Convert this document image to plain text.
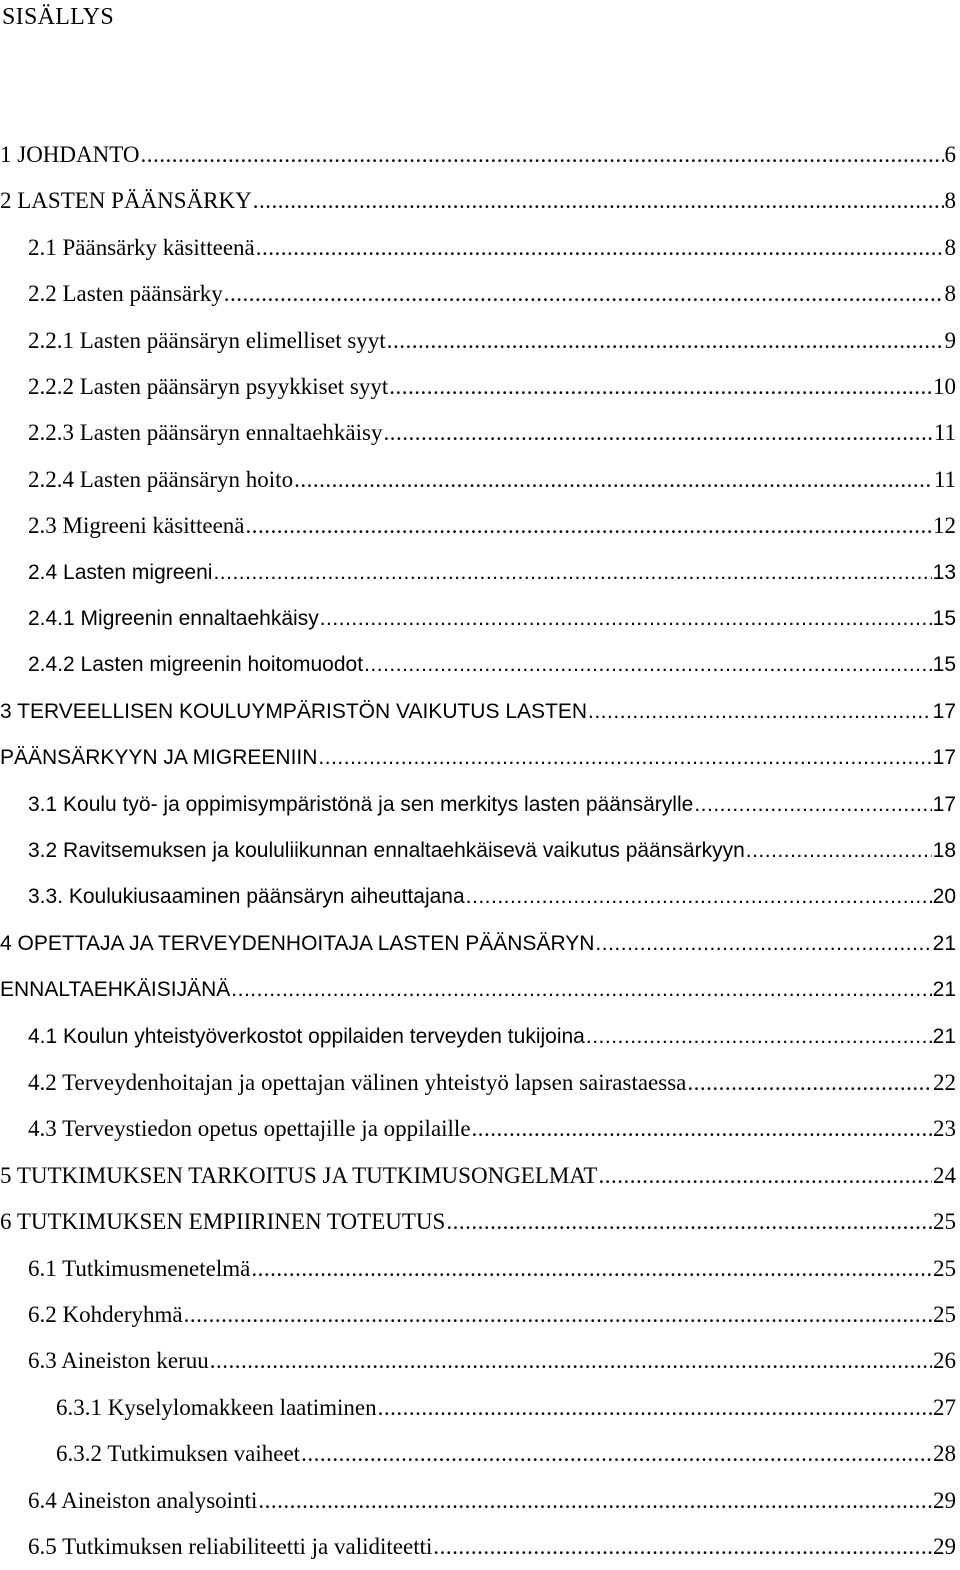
SISÄLLYS
1 JOHDANTO .....	6
2 LASTEN PÄÄNSÄRKY .....	8
2.1 Päänsärky käsitteenä .....	8
2.2 Lasten päänsärky .....	8
2.2.1 Lasten päänsäryn elimelliset syyt .....	9
2.2.2 Lasten päänsäryn psyykkiset syyt .....	10
2.2.3 Lasten päänsäryn ennaltaehkäisy .....	11
2.2.4 Lasten päänsäryn hoito .....	11
2.3 Migreeni käsitteenä .....	12
2.4 Lasten migreeni .....	13
2.4.1 Migreenin ennaltaehkäisy .....	15
2.4.2 Lasten migreenin hoitomuodot .....	15
3 TERVEELLISEN KOULUYMPÄRISTÖN VAIKUTUS LASTEN .....	17
PÄÄNSÄRKYYN JA MIGREENIIN .....	17
3.1 Koulu työ- ja oppimisympäristönä ja sen merkitys lasten päänsärylle .....	17
3.2 Ravitsemuksen ja koululiikunnan ennaltaehkäisevä vaikutus päänsärkyyn .....	18
3.3. Koulukiusaaminen päänsäryn aiheuttajana .....	20
4 OPETTAJA JA TERVEYDENHOITAJA LASTEN PÄÄNSÄRYN .....	21
ENNALTAEHKÄISIJÄNÄ .....	21
4.1 Koulun yhteistyöverkostot oppilaiden terveyden tukijoina .....	21
4.2 Terveydenhoitajan ja opettajan välinen yhteistyö lapsen sairastaessa .....	22
4.3 Terveystiedon opetus opettajille ja oppilaille .....	23
5 TUTKIMUKSEN TARKOITUS JA TUTKIMUSONGELMAT .....	24
6 TUTKIMUKSEN EMPIIRINEN TOTEUTUS .....	25
6.1 Tutkimusmenetelmä .....	25
6.2 Kohderyhmä .....	25
6.3 Aineiston keruu .....	26
6.3.1 Kyselylomakkeen laatiminen .....	27
6.3.2 Tutkimuksen vaiheet .....	28
6.4 Aineiston analysointi .....	29
6.5 Tutkimuksen reliabiliteetti ja validiteetti .....	29
